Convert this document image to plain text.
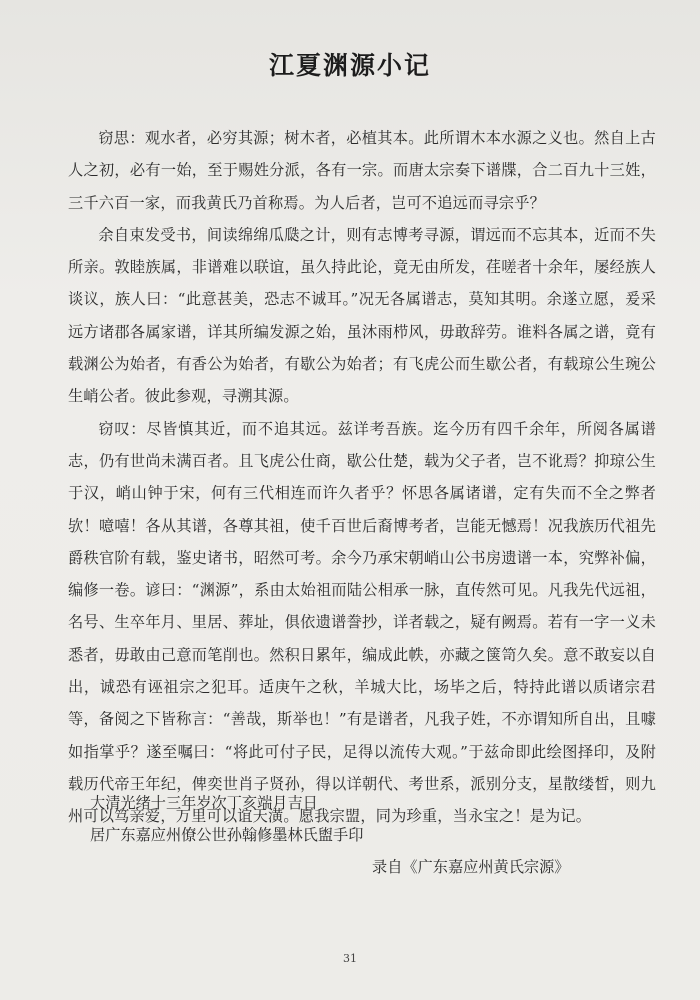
江夏渊源小记

窃思：观水者，必穷其源；树木者，必植其本。此所谓木本水源之义也。然自上古人之初，必有一始，至于赐姓分派，各有一宗。而唐太宗奏下谱牒，合二百九十三姓，三千六百一家，而我黄氏乃首称焉。为人后者，岂可不追远而寻宗乎？

余自束发受书，间读绵绵瓜瓞之计，则有志博考寻源，谓远而不忘其本，近而不失所亲。敦睦族属，非谱难以联谊，虽久持此论，竟无由所发，荏嗟者十余年，屡经族人谈议，族人曰：“此意甚美，恐志不诚耳。”况无各属谱志，莫知其明。余遂立愿，爰采远方诸郡各属家谱，详其所编发源之始，虽沐雨栉风，毋敢辞劳。谁料各属之谱，竟有载渊公为始者，有香公为始者，有歇公为始者；有飞虎公而生歇公者，有载琼公生琬公生峭公者。彼此参观，寻溯其源。

窃叹：尽皆慎其近，而不追其远。兹详考吾族。迄今历有四千余年，所阅各属谱志，仍有世尚未满百者。且飞虎公仕商，歇公仕楚，载为父子者，岂不讹焉？抑琼公生于汉，峭山钟于宋，何有三代相连而许久者乎？怀思各属诸谱，定有失而不全之弊者欤！噫嘻！各从其谱，各尊其祖，使千百世后裔博考者，岂能无憾焉！况我族历代祖先爵秩官阶有载，鉴史诸书，昭然可考。余今乃承宋朝峭山公书房遗谱一本，究弊补偏，编修一卷。谚曰：“渊源”，系由太始祖而陆公相承一脉，直传然可见。凡我先代远祖，名号、生卒年月、里居、葬址，俱依遗谱誊抄，详者载之，疑有阙焉。若有一字一义未悉者，毋敢由己意而笔削也。然积日累年，编成此帙，亦藏之箧笥久矣。意不敢妄以自出，诚恐有诬祖宗之犯耳。适庚午之秋，羊城大比，场毕之后，特持此谱以质诸宗君等，备阅之下皆称言：“善哉，斯举也！”有是谱者，凡我子姓，不亦谓知所自出，且噱如指掌乎？遂至嘱曰：“将此可付子民，足得以流传大观。”于兹命即此绘图择印，及附载历代帝王年纪，俾奕世肖子贤孙，得以详朝代、考世系，派别分支，星散缕晳，则九州可以笃亲爱，万里可以谊天潢。愿我宗盟，同为珍重，当永宝之！是为记。

大清光绪十三年岁次丁亥端月吉日
居广东嘉应州僚公世孙翰修墨林氏盥手印
录自《广东嘉应州黄氏宗源》
31
